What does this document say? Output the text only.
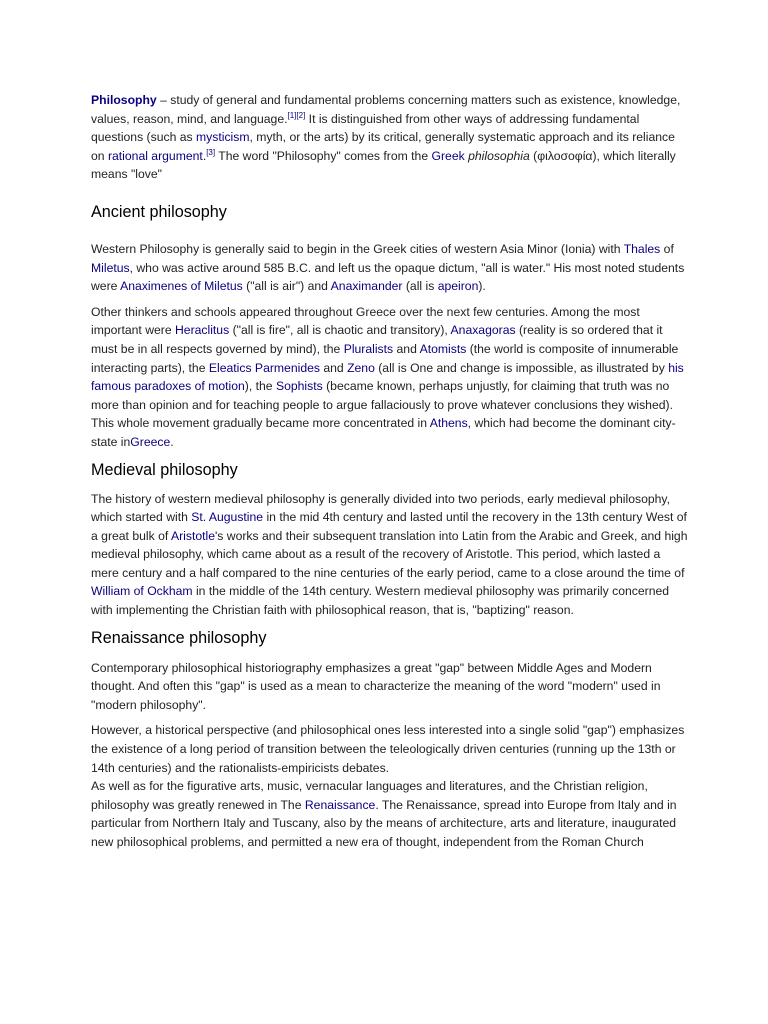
Philosophy – study of general and fundamental problems concerning matters such as existence, knowledge, values, reason, mind, and language.[1][2] It is distinguished from other ways of addressing fundamental questions (such as mysticism, myth, or the arts) by its critical, generally systematic approach and its reliance on rational argument.[3] The word "Philosophy" comes from the Greek philosophia (φιλοσοφία), which literally means "love"

Ancient philosophy

Western Philosophy is generally said to begin in the Greek cities of western Asia Minor (Ionia) with Thales of Miletus, who was active around 585 B.C. and left us the opaque dictum, "all is water." His most noted students were Anaximenes of Miletus ("all is air") and Anaximander (all is apeiron).

Other thinkers and schools appeared throughout Greece over the next few centuries. Among the most important were Heraclitus ("all is fire", all is chaotic and transitory), Anaxagoras (reality is so ordered that it must be in all respects governed by mind), the Pluralists and Atomists (the world is composite of innumerable interacting parts), the Eleatics Parmenides and Zeno (all is One and change is impossible, as illustrated by his famous paradoxes of motion), the Sophists (became known, perhaps unjustly, for claiming that truth was no more than opinion and for teaching people to argue fallaciously to prove whatever conclusions they wished). This whole movement gradually became more concentrated in Athens, which had become the dominant city-state inGreece.

Medieval philosophy

The history of western medieval philosophy is generally divided into two periods, early medieval philosophy, which started with St. Augustine in the mid 4th century and lasted until the recovery in the 13th century West of a great bulk of Aristotle's works and their subsequent translation into Latin from the Arabic and Greek, and high medieval philosophy, which came about as a result of the recovery of Aristotle. This period, which lasted a mere century and a half compared to the nine centuries of the early period, came to a close around the time of William of Ockham in the middle of the 14th century. Western medieval philosophy was primarily concerned with implementing the Christian faith with philosophical reason, that is, "baptizing" reason.

Renaissance philosophy

Contemporary philosophical historiography emphasizes a great "gap" between Middle Ages and Modern thought. And often this "gap" is used as a mean to characterize the meaning of the word "modern" used in "modern philosophy".

However, a historical perspective (and philosophical ones less interested into a single solid "gap") emphasizes the existence of a long period of transition between the teleologically driven centuries (running up the 13th or 14th centuries) and the rationalists-empiricists debates.

As well as for the figurative arts, music, vernacular languages and literatures, and the Christian religion, philosophy was greatly renewed in The Renaissance. The Renaissance, spread into Europe from Italy and in particular from Northern Italy and Tuscany, also by the means of architecture, arts and literature, inaugurated new philosophical problems, and permitted a new era of thought, independent from the Roman Church
